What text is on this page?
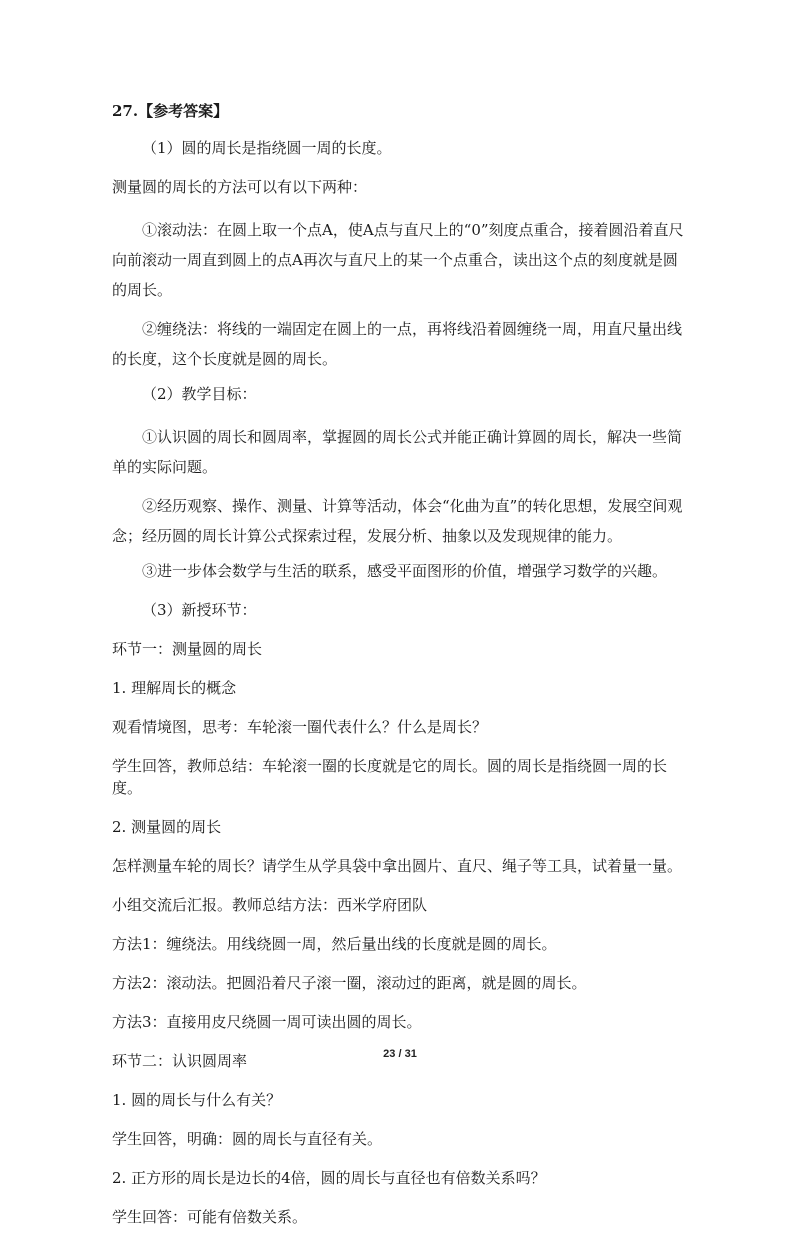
27.【参考答案】

（1）圆的周长是指绕圆一周的长度。

测量圆的周长的方法可以有以下两种：

①滚动法：在圆上取一个点A，使A点与直尺上的“0”刻度点重合，接着圆沿着直尺向前滚动一周直到圆上的点A再次与直尺上的某一个点重合，读出这个点的刻度就是圆的周长。

②缠绕法：将线的一端固定在圆上的一点，再将线沿着圆缠绕一周，用直尺量出线的长度，这个长度就是圆的周长。

（2）教学目标：

①认识圆的周长和圆周率，掌握圆的周长公式并能正确计算圆的周长，解决一些简单的实际问题。

②经历观察、操作、测量、计算等活动，体会“化曲为直”的转化思想，发展空间观念；经历圆的周长计算公式探索过程，发展分析、抽象以及发现规律的能力。

③进一步体会数学与生活的联系，感受平面图形的价值，增强学习数学的兴趣。

（3）新授环节：

环节一：测量圆的周长

1. 理解周长的概念

观看情境图，思考：车轮滚一圈代表什么？什么是周长？

学生回答，教师总结：车轮滚一圈的长度就是它的周长。圆的周长是指绕圆一周的长度。

2. 测量圆的周长

怎样测量车轮的周长？请学生从学具袋中拿出圆片、直尺、绳子等工具，试着量一量。

小组交流后汇报。教师总结方法：西米学府团队

方法1：缠绕法。用线绕圆一周，然后量出线的长度就是圆的周长。

方法2：滚动法。把圆沿着尺子滚一圈，滚动过的距离，就是圆的周长。

方法3：直接用皮尺绕圆一周可读出圆的周长。

环节二：认识圆周率

1. 圆的周长与什么有关？

学生回答，明确：圆的周长与直径有关。

2. 正方形的周长是边长的4倍，圆的周长与直径也有倍数关系吗？

学生回答：可能有倍数关系。

23 / 31
